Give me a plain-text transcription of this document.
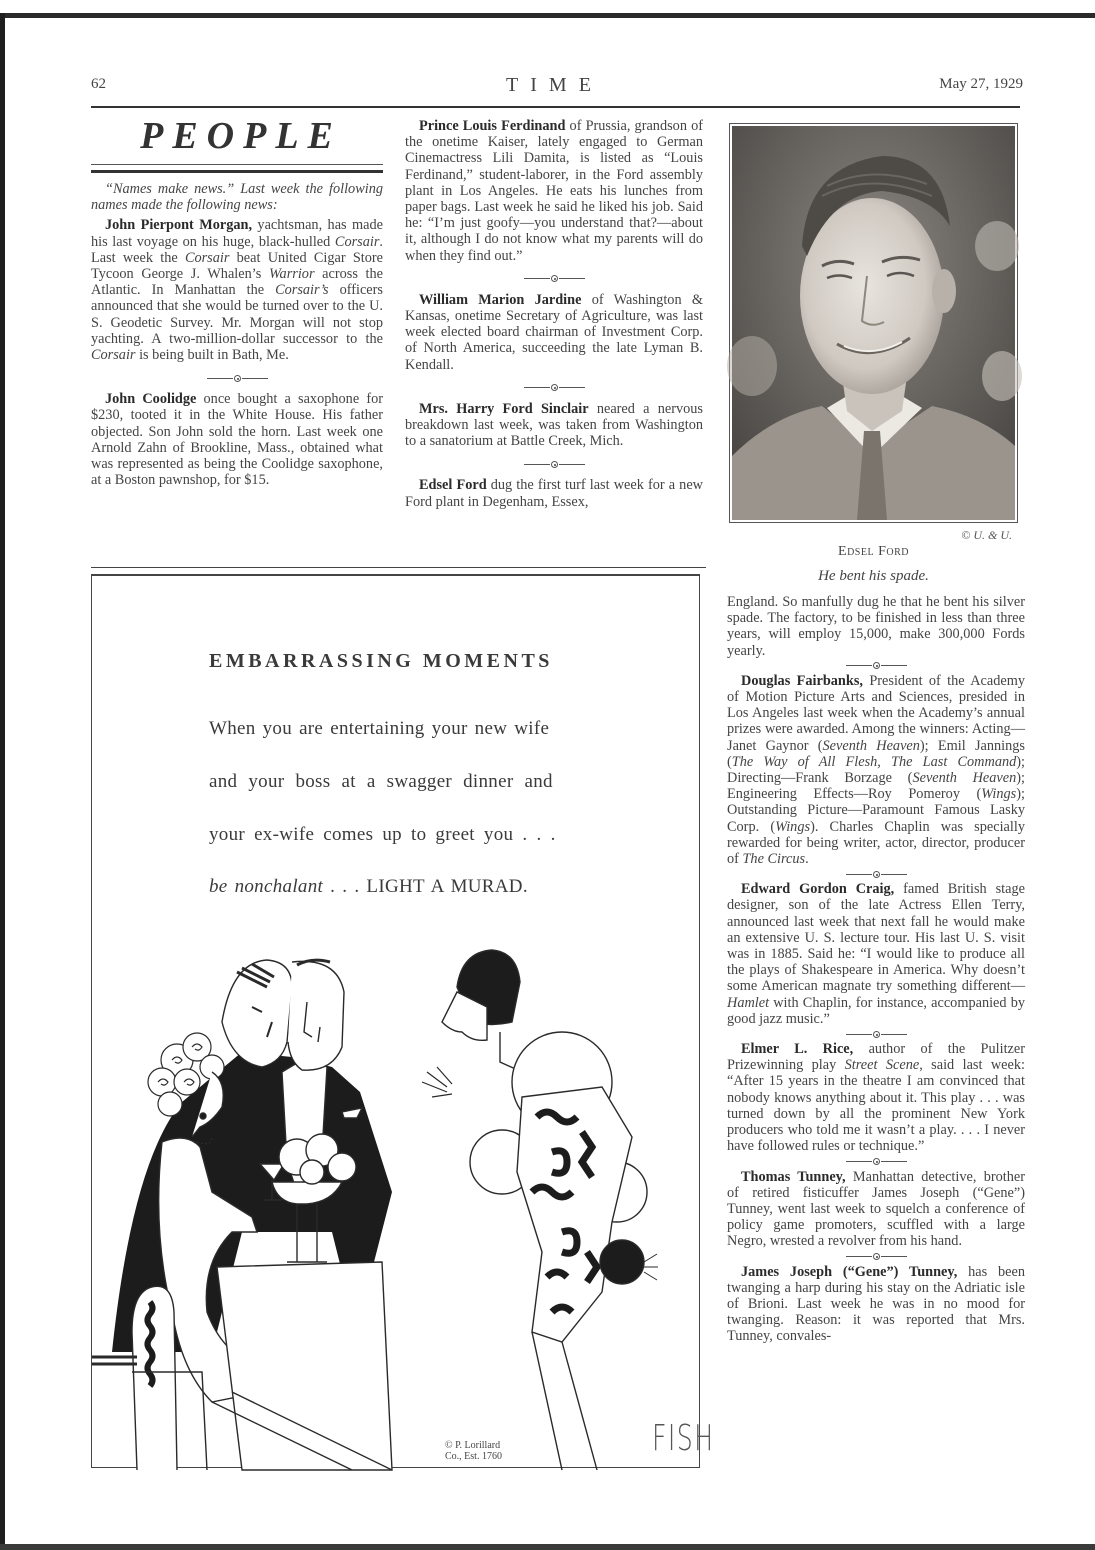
62	TIME	May 27, 1929
PEOPLE

“Names make news.” Last week the following names made the following news:

John Pierpont Morgan, yachtsman, has made his last voyage on his huge, black-hulled Corsair. Last week the Corsair beat United Cigar Store Tycoon George J. Whalen’s Warrior across the Atlantic. In Manhattan the Corsair’s officers announced that she would be turned over to the U. S. Geodetic Survey. Mr. Morgan will not stop yachting. A two-million-dollar successor to the Corsair is being built in Bath, Me.

John Coolidge once bought a saxophone for $230, tooted it in the White House. His father objected. Son John sold the horn. Last week one Arnold Zahn of Brookline, Mass., obtained what was represented as being the Coolidge saxophone, at a Boston pawnshop, for $15.

Prince Louis Ferdinand of Prussia, grandson of the onetime Kaiser, lately engaged to German Cinemactress Lili Damita, is listed as “Louis Ferdinand,” student-laborer, in the Ford assembly plant in Los Angeles. He eats his lunches from paper bags. Last week he said he liked his job. Said he: “I’m just goofy—you understand that?—about it, although I do not know what my parents will do when they find out.”

William Marion Jardine of Washington & Kansas, onetime Secretary of Agriculture, was last week elected board chairman of Investment Corp. of North America, succeeding the late Lyman B. Kendall.

Mrs. Harry Ford Sinclair neared a nervous breakdown last week, was taken from Washington to a sanatorium at Battle Creek, Mich.

Edsel Ford dug the first turf last week for a new Ford plant in Degenham, Essex,

© U. & U.
Edsel Ford
He bent his spade.

England. So manfully dug he that he bent his silver spade. The factory, to be finished in less than three years, will employ 15,000, make 300,000 Fords yearly.

Douglas Fairbanks, President of the Academy of Motion Picture Arts and Sciences, presided in Los Angeles last week when the Academy’s annual prizes were awarded. Among the winners: Acting—Janet Gaynor (Seventh Heaven); Emil Jannings (The Way of All Flesh, The Last Command); Directing—Frank Borzage (Seventh Heaven); Engineering Effects—Roy Pomeroy (Wings); Outstanding Picture—Paramount Famous Lasky Corp. (Wings). Charles Chaplin was specially rewarded for being writer, actor, director, producer of The Circus.

Edward Gordon Craig, famed British stage designer, son of the late Actress Ellen Terry, announced last week that next fall he would make an extensive U. S. lecture tour. His last U. S. visit was in 1885. Said he: “I would like to produce all the plays of Shakespeare in America. Why doesn’t some American magnate try something different—Hamlet with Chaplin, for instance, accompanied by good jazz music.”

Elmer L. Rice, author of the Pulitzer Prizewinning play Street Scene, said last week: “After 15 years in the theatre I am convinced that nobody knows anything about it. This play . . . was turned down by all the prominent New York producers who told me it wasn’t a play. . . . I never have followed rules or technique.”

Thomas Tunney, Manhattan detective, brother of retired fisticuffer James Joseph (“Gene”) Tunney, went last week to squelch a conference of policy game promoters, scuffled with a large Negro, wrested a revolver from his hand.

James Joseph (“Gene”) Tunney, has been twanging a harp during his stay on the Adriatic isle of Brioni. Last week he was in no mood for twanging. Reason: it was reported that Mrs. Tunney, convales-

EMBARRASSING MOMENTS
When you are entertaining your new wife
and your boss at a swagger dinner and
your ex-wife comes up to greet you . . .
be nonchalant . . . LIGHT A MURAD.
© P. Lorillard
Co., Est. 1760	FISH
